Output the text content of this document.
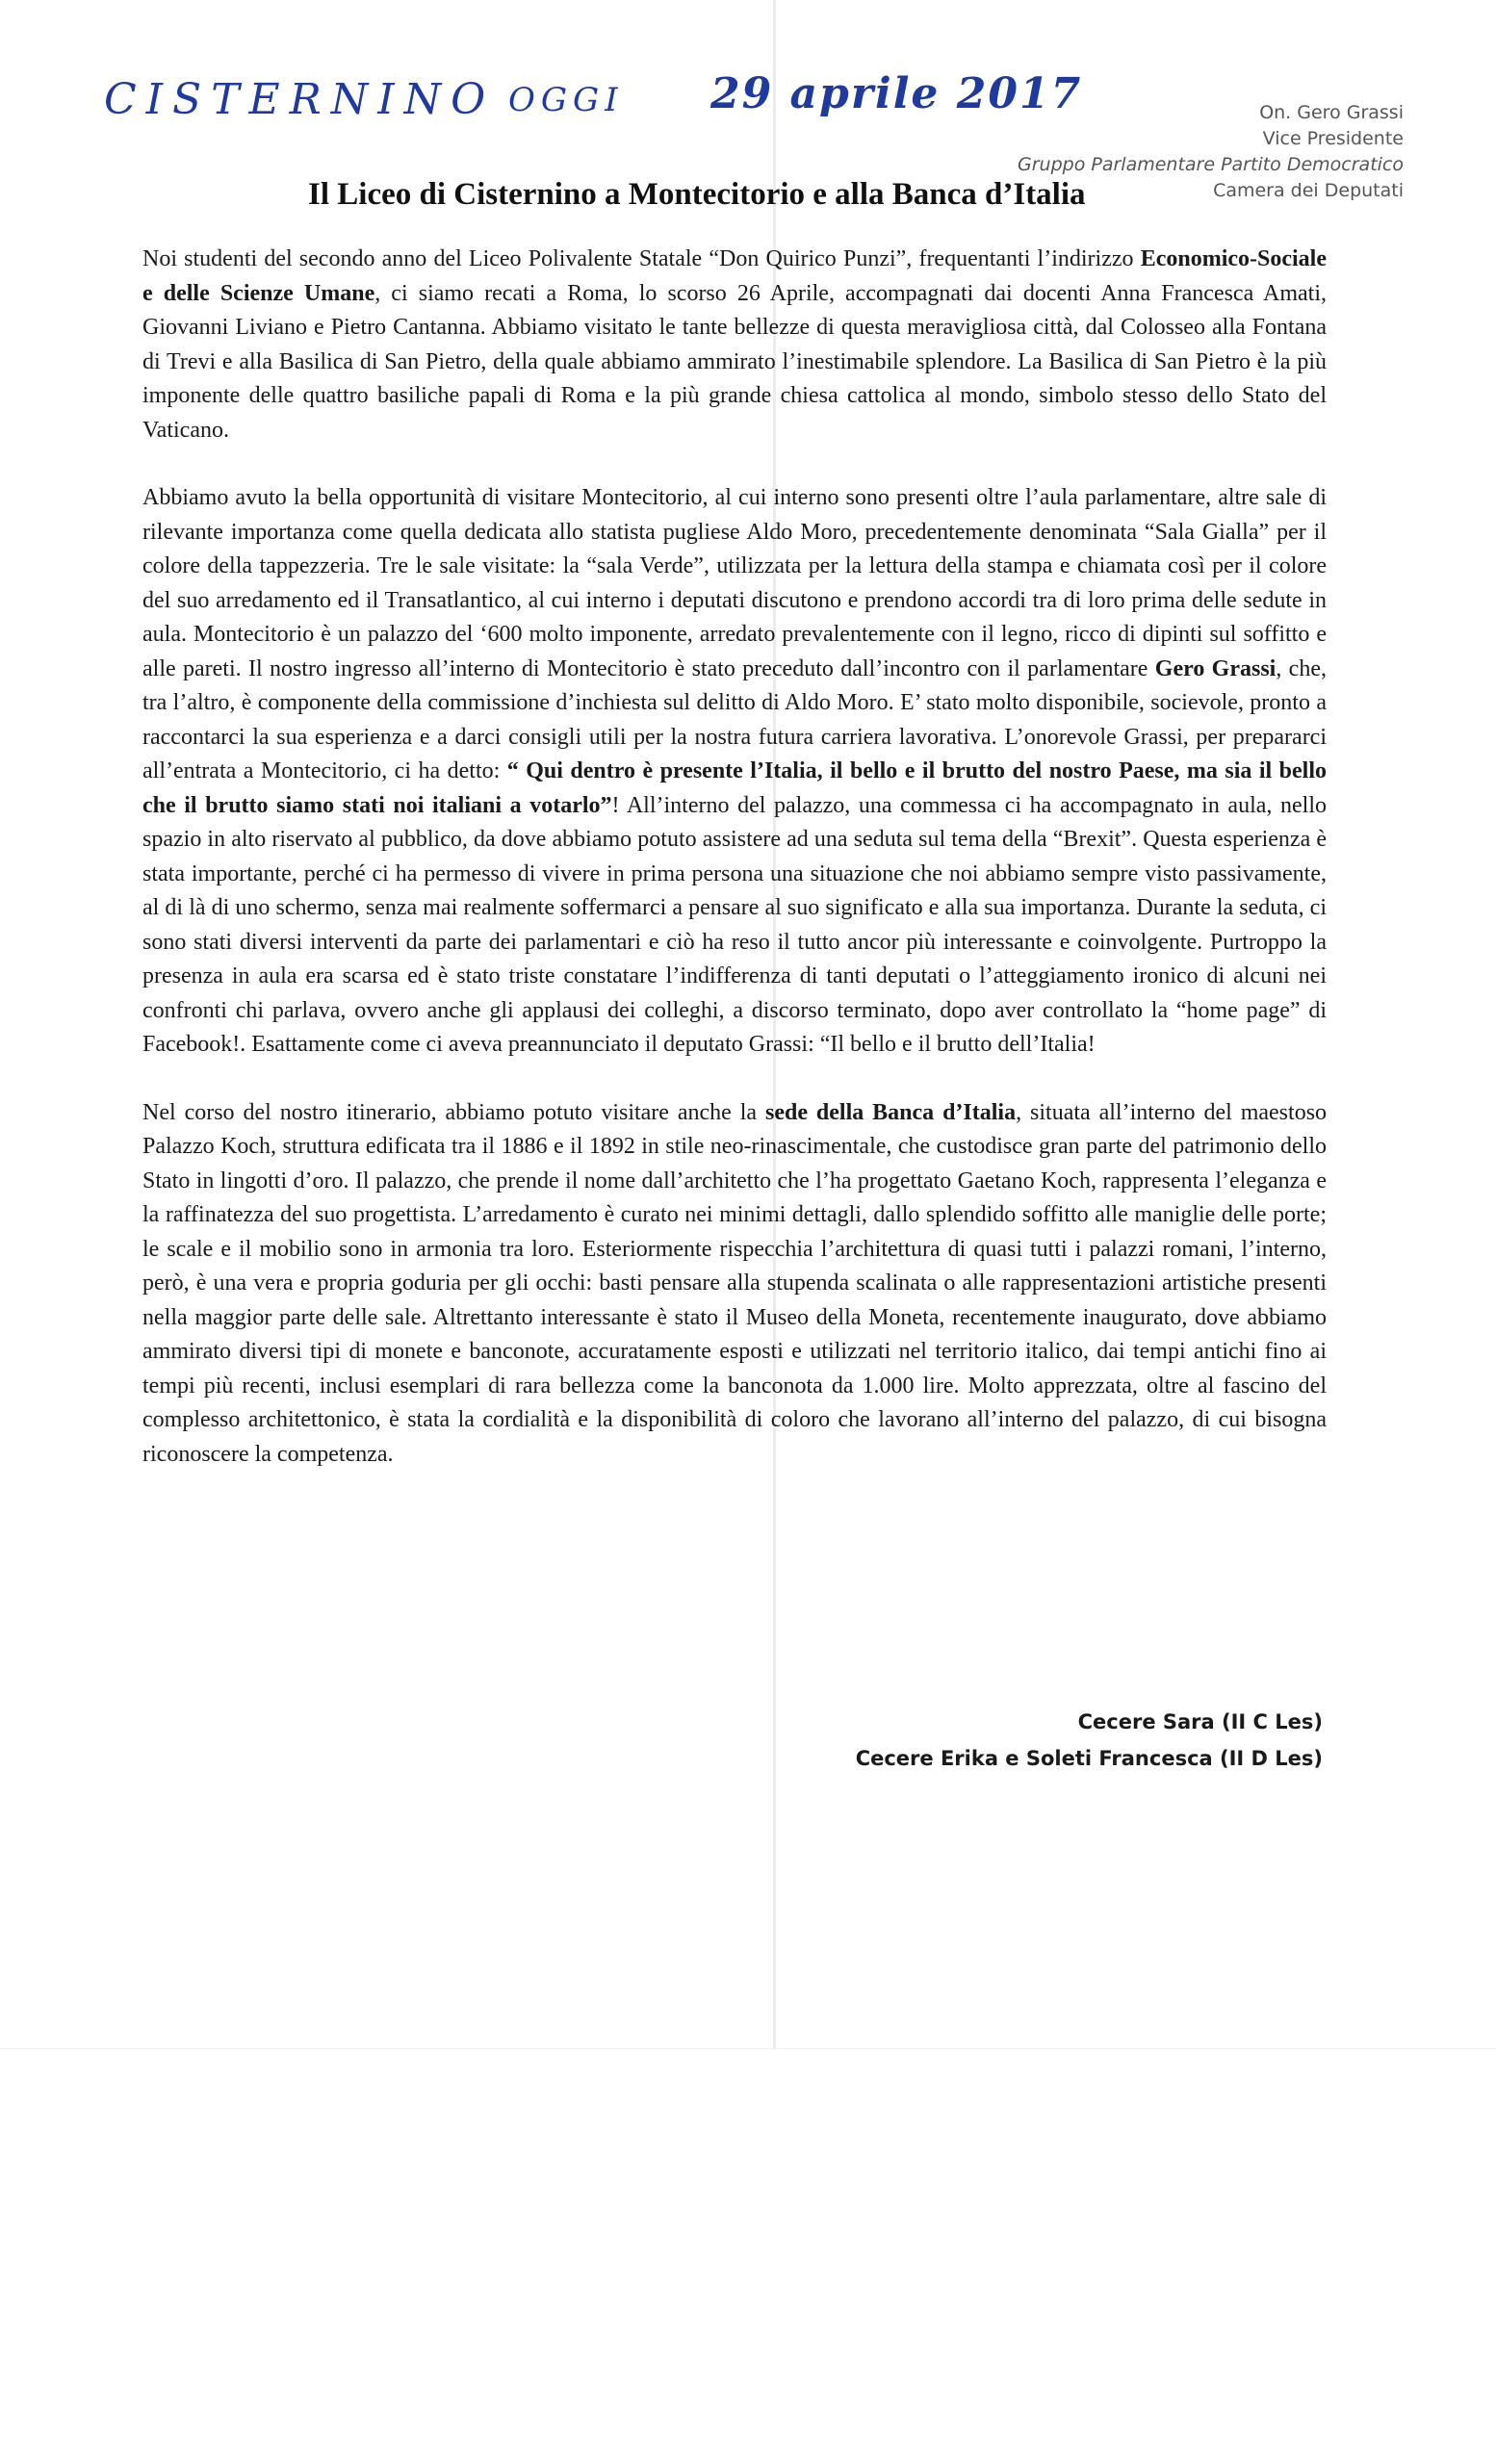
CISTERNINO OGGI 29 aprile 2017	On. Gero Grassi
Vice Presidente
Gruppo Parlamentare Partito Democratico
Camera dei Deputati
Il Liceo di Cisternino a Montecitorio e alla Banca d’Italia

Noi studenti del secondo anno del Liceo Polivalente Statale “Don Quirico Punzi”, frequentanti l’indirizzo Economico-Sociale e delle Scienze Umane, ci siamo recati a Roma, lo scorso 26 Aprile, accompagnati dai docenti Anna Francesca Amati, Giovanni Liviano e Pietro Cantanna. Abbiamo visitato le tante bellezze di questa meravigliosa città, dal Colosseo alla Fontana di Trevi e alla Basilica di San Pietro, della quale abbiamo ammirato l’inestimabile splendore. La Basilica di San Pietro è la più imponente delle quattro basiliche papali di Roma e la più grande chiesa cattolica al mondo, simbolo stesso dello Stato del Vaticano.

Abbiamo avuto la bella opportunità di visitare Montecitorio, al cui interno sono presenti oltre l’aula parlamentare, altre sale di rilevante importanza come quella dedicata allo statista pugliese Aldo Moro, precedentemente denominata “Sala Gialla” per il colore della tappezzeria. Tre le sale visitate: la “sala Verde”, utilizzata per la lettura della stampa e chiamata così per il colore del suo arredamento ed il Transatlantico, al cui interno i deputati discutono e prendono accordi tra di loro prima delle sedute in aula. Montecitorio è un palazzo del ‘600 molto imponente, arredato prevalentemente con il legno, ricco di dipinti sul soffitto e alle pareti. Il nostro ingresso all’interno di Montecitorio è stato preceduto dall’incontro con il parlamentare Gero Grassi, che, tra l’altro, è componente della commissione d’inchiesta sul delitto di Aldo Moro. E’ stato molto disponibile, socievole, pronto a raccontarci la sua esperienza e a darci consigli utili per la nostra futura carriera lavorativa. L’onorevole Grassi, per prepararci all’entrata a Montecitorio, ci ha detto: “ Qui dentro è presente l’Italia, il bello e il brutto del nostro Paese, ma sia il bello che il brutto siamo stati noi italiani a votarlo”! All’interno del palazzo, una commessa ci ha accompagnato in aula, nello spazio in alto riservato al pubblico, da dove abbiamo potuto assistere ad una seduta sul tema della “Brexit”. Questa esperienza è stata importante, perché ci ha permesso di vivere in prima persona una situazione che noi abbiamo sempre visto passivamente, al di là di uno schermo, senza mai realmente soffermarci a pensare al suo significato e alla sua importanza. Durante la seduta, ci sono stati diversi interventi da parte dei parlamentari e ciò ha reso il tutto ancor più interessante e coinvolgente. Purtroppo la presenza in aula era scarsa ed è stato triste constatare l’indifferenza di tanti deputati o l’atteggiamento ironico di alcuni nei confronti chi parlava, ovvero anche gli applausi dei colleghi, a discorso terminato, dopo aver controllato la “home page” di Facebook!. Esattamente come ci aveva preannunciato il deputato Grassi: “Il bello e il brutto dell’Italia!

Nel corso del nostro itinerario, abbiamo potuto visitare anche la sede della Banca d’Italia, situata all’interno del maestoso Palazzo Koch, struttura edificata tra il 1886 e il 1892 in stile neo-rinascimentale, che custodisce gran parte del patrimonio dello Stato in lingotti d’oro. Il palazzo, che prende il nome dall’architetto che l’ha progettato Gaetano Koch, rappresenta l’eleganza e la raffinatezza del suo progettista. L’arredamento è curato nei minimi dettagli, dallo splendido soffitto alle maniglie delle porte; le scale e il mobilio sono in armonia tra loro. Esteriormente rispecchia l’architettura di quasi tutti i palazzi romani, l’interno, però, è una vera e propria goduria per gli occhi: basti pensare alla stupenda scalinata o alle rappresentazioni artistiche presenti nella maggior parte delle sale. Altrettanto interessante è stato il Museo della Moneta, recentemente inaugurato, dove abbiamo ammirato diversi tipi di monete e banconote, accuratamente esposti e utilizzati nel territorio italico, dai tempi antichi fino ai tempi più recenti, inclusi esemplari di rara bellezza come la banconota da 1.000 lire. Molto apprezzata, oltre al fascino del complesso architettonico, è stata la cordialità e la disponibilità di coloro che lavorano all’interno del palazzo, di cui bisogna riconoscere la competenza.

Cecere Sara (II C Les)
Cecere Erika e Soleti Francesca (II D Les)
